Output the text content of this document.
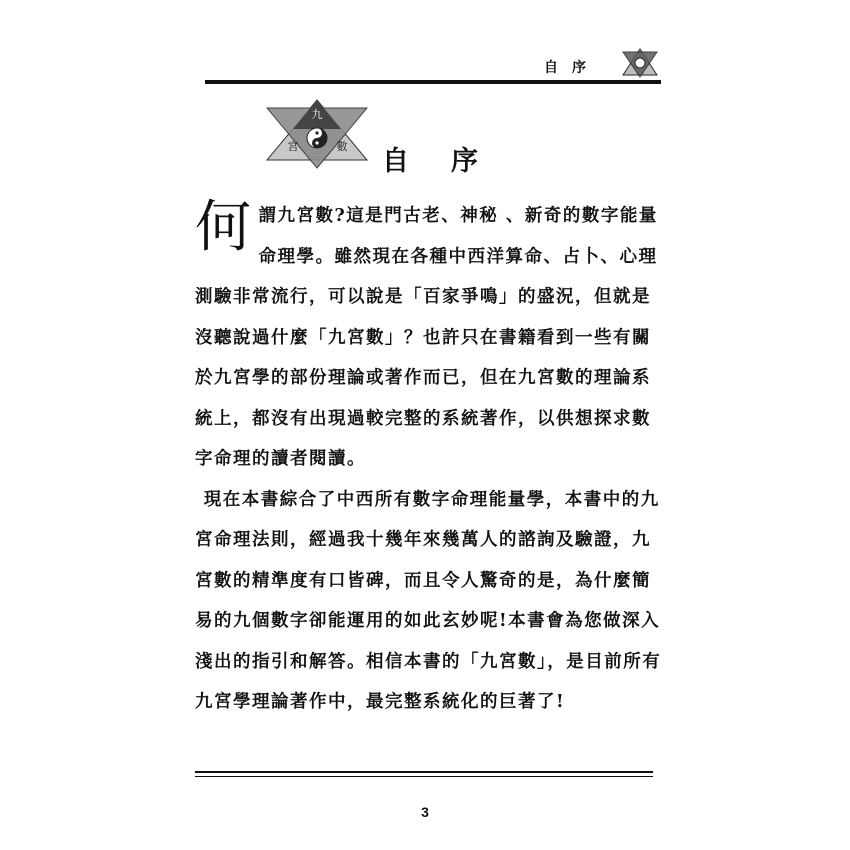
自序
九
宮	數 自序

何謂九宮數?這是門古老、神秘 、新奇的數字能量命理學。雖然現在各種中西洋算命、占卜、心理測驗非常流行，可以說是「百家爭鳴」的盛況，但就是沒聽說過什麼「九宮數」？也許只在書籍看到一些有關於九宮學的部份理論或著作而已，但在九宮數的理論系統上，都沒有出現過較完整的系統著作，以供想探求數字命理的讀者閱讀。

現在本書綜合了中西所有數字命理能量學，本書中的九宮命理法則，經過我十幾年來幾萬人的諮詢及驗證，九宮數的精準度有口皆碑，而且令人驚奇的是，為什麼簡易的九個數字卻能運用的如此玄妙呢!本書會為您做深入淺出的指引和解答。相信本書的「九宮數」，是目前所有九宮學理論著作中，最完整系統化的巨著了!

3
